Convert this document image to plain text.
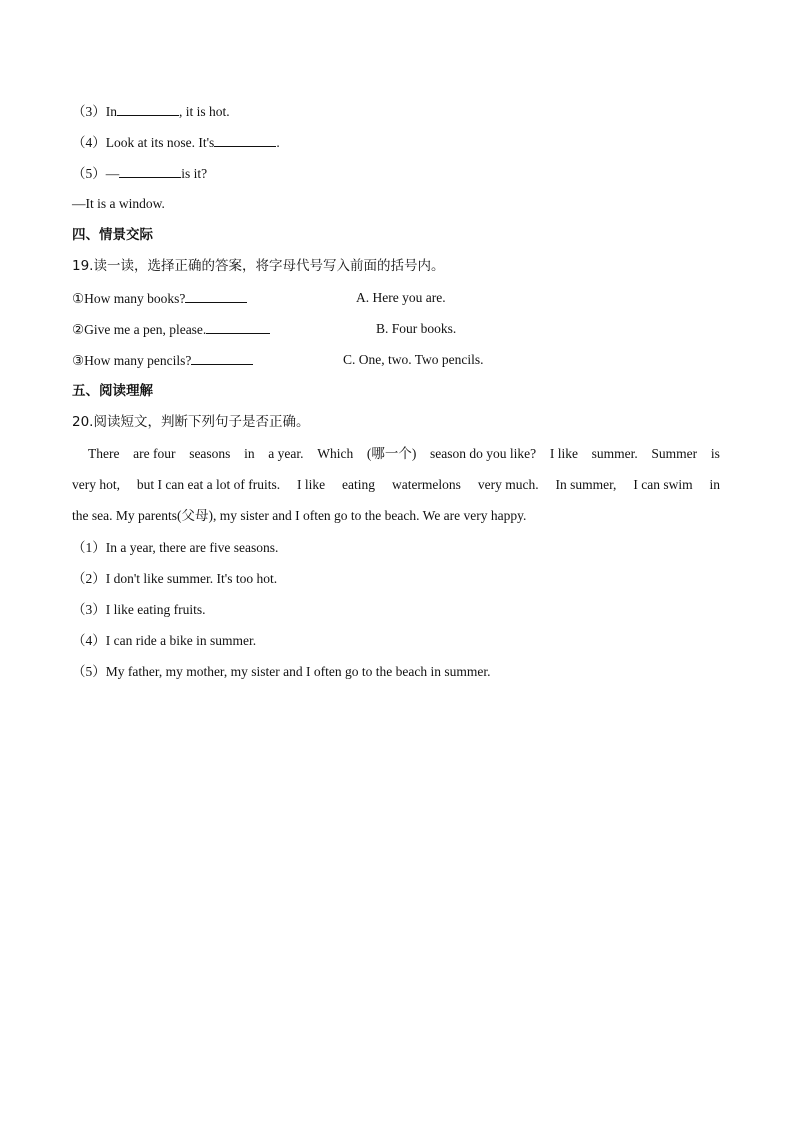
（3）In	, it is hot.
（4）Look at its nose. It's	.
（5）—	is it?
—It is a window.
四、情景交际
19.读一读，选择正确的答案，将字母代号写入前面的括号内。
①How many books?	A. Here you are.
②Give me a pen, please.	B. Four books.
③How many pencils?	C. One, two. Two pencils.
五、阅读理解
20.阅读短文，判断下列句子是否正确。
There are four seasons in a year. Which (哪一个) season do you like? I like summer. Summer is
very hot, but I can eat a lot of fruits. I like eating watermelons very much. In summer, I can swim in
the sea. My parents(父母), my sister and I often go to the beach. We are very happy.
（1）In a year, there are five seasons.
（2）I don't like summer. It's too hot.
（3）I like eating fruits.
（4）I can ride a bike in summer.
（5）My father, my mother, my sister and I often go to the beach in summer.
